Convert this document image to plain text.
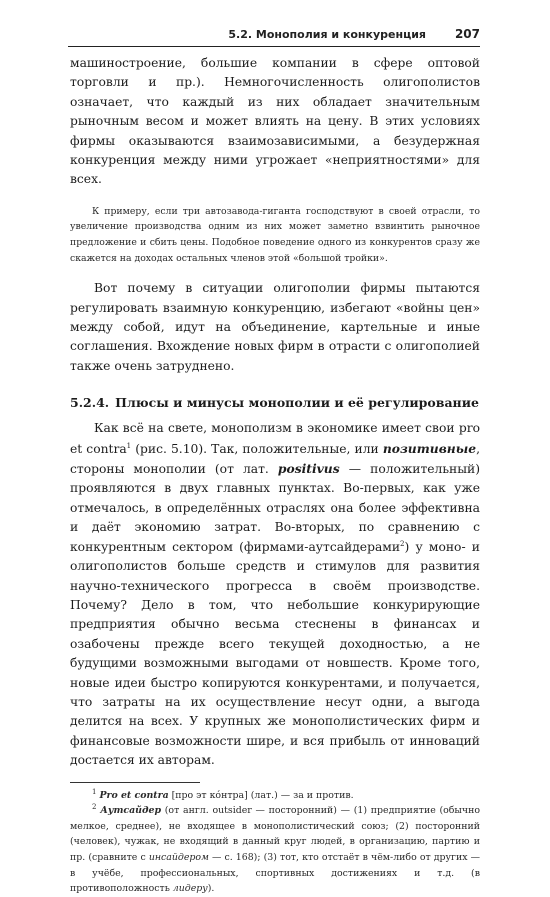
5.2. Монополия и конкуренция 207

машиностроение, большие компании в сфере оптовой торговли и пр.). Немногочисленность олигополистов означает, что каждый из них обладает значительным рыночным весом и может влиять на цену. В этих условиях фирмы оказываются взаимозависимыми, а безудержная конкуренция между ними угрожает «неприятностями» для всех.

К примеру, если три автозавода-гиганта господствуют в своей отрасли, то увеличение производства одним из них может заметно взвинтить рыночное предложение и сбить цены. Подобное поведение одного из конкурентов сразу же скажется на доходах остальных членов этой «большой тройки».

Вот почему в ситуации олигополии фирмы пытаются регулировать взаимную конкуренцию, избегают «войны цен» между собой, идут на объединение, картельные и иные соглашения. Вхождение новых фирм в отрасти с олигополией также очень затруднено.

5.2.4. Плюсы и минусы монополии и её регулирование

Как всё на свете, монополизм в экономике имеет свои pro et contra$^1$ (рис. 5.10). Так, положительные, или позитивные, стороны монополии (от лат. positivus — положительный) проявляются в двух главных пунктах. Во-первых, как уже отмечалось, в определённых отраслях она более эффективна и даёт экономию затрат. Во-вторых, по сравнению с конкурентным сектором (фирмами-аутсайдерами$^2$) у моно- и олигополистов больше средств и стимулов для развития научно-технического прогресса в своём производстве. Почему? Дело в том, что небольшие конкурирующие предприятия обычно весьма стеснены в финансах и озабочены прежде всего текущей доходностью, а не будущими возможными выгодами от новшеств. Кроме того, новые идеи быстро копируются конкурентами, и получается, что затраты на их осуществление несут одни, а выгода делится на всех. У крупных же монополистических фирм и финансовые возможности шире, и вся прибыль от инноваций достается их авторам.

$^1$ Pro et contra [про эт кóнтра] (лат.) — за и против.

$^2$ Аутсайдер (от англ. outsider — посторонний) — (1) предприятие (обычно мелкое, среднее), не входящее в монополистический союз; (2) посторонний (человек), чужак, не входящий в данный круг людей, в организацию, партию и пр. (сравните с инсайдером — с. 168); (3) тот, кто отстаёт в чём-либо от других — в учёбе, профессиональных, спортивных достижениях и т.д. (в противоположность лидеру).
